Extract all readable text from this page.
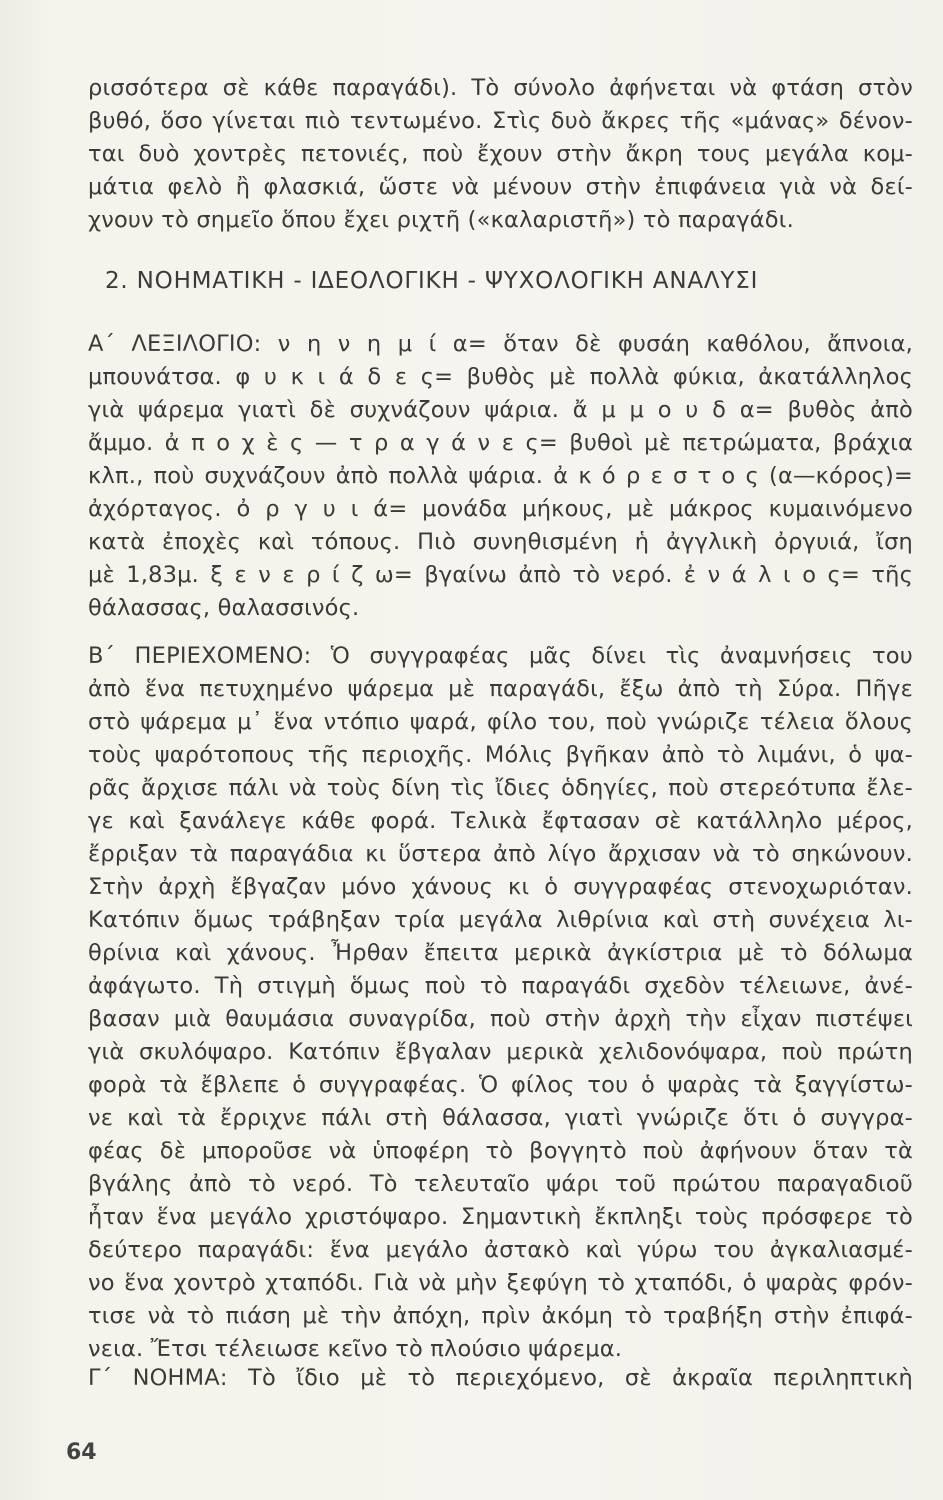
ρισσότερα σὲ κάθε παραγάδι). Τὸ σύνολο ἀφήνεται νὰ φτάση στὸν
βυθό, ὅσο γίνεται πιὸ τεντωμένο. Στὶς δυὸ ἄκρες τῆς «μάνας» δένον-
ται δυὸ χοντρὲς πετονιές, ποὺ ἔχουν στὴν ἄκρη τους μεγάλα κομ-
μάτια φελὸ ἢ φλασκιά, ὥστε νὰ μένουν στὴν ἐπιφάνεια γιὰ νὰ δεί-
χνουν τὸ σημεῖο ὅπου ἔχει ριχτῆ («καλαριστῆ») τὸ παραγάδι.
2. ΝΟΗΜΑΤΙΚΗ - ΙΔΕΟΛΟΓΙΚΗ - ΨΥΧΟΛΟΓΙΚΗ ΑΝΑΛΥΣΙ
Α΄ ΛΕΞΙΛΟΓΙΟ: ν η ν η μ ί α= ὅταν δὲ φυσάη καθόλου, ἄπνοια,
μπουνάτσα. φ υ κ ι ά δ ε ς= βυθὸς μὲ πολλὰ φύκια, ἀκατάλληλος
γιὰ ψάρεμα γιατὶ δὲ συχνάζουν ψάρια. ἄ μ μ ο υ δ α= βυθὸς ἀπὸ
ἄμμο. ἀ π ο χ ὲ ς — τ ρ α γ ά ν ε ς= βυθοὶ μὲ πετρώματα, βράχια
κλπ., ποὺ συχνάζουν ἀπὸ πολλὰ ψάρια. ἀ κ ό ρ ε σ τ ο ς (α—κόρος)=
ἀχόρταγος. ὀ ρ γ υ ι ά= μονάδα μήκους, μὲ μάκρος κυμαινόμενο
κατὰ ἐποχὲς καὶ τόπους. Πιὸ συνηθισμένη ἡ ἀγγλικὴ ὀργυιά, ἴση
μὲ 1,83μ. ξ ε ν ε ρ ί ζ ω= βγαίνω ἀπὸ τὸ νερό. ἐ ν ά λ ι ο ς= τῆς
θάλασσας, θαλασσινός.
Β΄ ΠΕΡΙΕΧΟΜΕΝΟ: Ὁ συγγραφέας μᾶς δίνει τὶς ἀναμνήσεις του
ἀπὸ ἕνα πετυχημένο ψάρεμα μὲ παραγάδι, ἔξω ἀπὸ τὴ Σύρα. Πῆγε
στὸ ψάρεμα μ᾽ ἕνα ντόπιο ψαρά, φίλο του, ποὺ γνώριζε τέλεια ὅλους
τοὺς ψαρότοπους τῆς περιοχῆς. Μόλις βγῆκαν ἀπὸ τὸ λιμάνι, ὁ ψα-
ρᾶς ἄρχισε πάλι νὰ τοὺς δίνη τὶς ἴδιες ὁδηγίες, ποὺ στερεότυπα ἔλε-
γε καὶ ξανάλεγε κάθε φορά. Τελικὰ ἔφτασαν σὲ κατάλληλο μέρος,
ἔρριξαν τὰ παραγάδια κι ὕστερα ἀπὸ λίγο ἄρχισαν νὰ τὸ σηκώνουν.
Στὴν ἀρχὴ ἔβγαζαν μόνο χάνους κι ὁ συγγραφέας στενοχωριόταν.
Κατόπιν ὅμως τράβηξαν τρία μεγάλα λιθρίνια καὶ στὴ συνέχεια λι-
θρίνια καὶ χάνους. Ἦρθαν ἔπειτα μερικὰ ἀγκίστρια μὲ τὸ δόλωμα
ἀφάγωτο. Τὴ στιγμὴ ὅμως ποὺ τὸ παραγάδι σχεδὸν τέλειωνε, ἀνέ-
βασαν μιὰ θαυμάσια συναγρίδα, ποὺ στὴν ἀρχὴ τὴν εἶχαν πιστέψει
γιὰ σκυλόψαρο. Κατόπιν ἔβγαλαν μερικὰ χελιδονόψαρα, ποὺ πρώτη
φορὰ τὰ ἔβλεπε ὁ συγγραφέας. Ὁ φίλος του ὁ ψαρὰς τὰ ξαγγίστω-
νε καὶ τὰ ἔρριχνε πάλι στὴ θάλασσα, γιατὶ γνώριζε ὅτι ὁ συγγρα-
φέας δὲ μποροῦσε νὰ ὑποφέρη τὸ βογγητὸ ποὺ ἀφήνουν ὅταν τὰ
βγάλης ἀπὸ τὸ νερό. Τὸ τελευταῖο ψάρι τοῦ πρώτου παραγαδιοῦ
ἦταν ἕνα μεγάλο χριστόψαρο. Σημαντικὴ ἔκπληξι τοὺς πρόσφερε τὸ
δεύτερο παραγάδι: ἕνα μεγάλο ἀστακὸ καὶ γύρω του ἀγκαλιασμέ-
νο ἕνα χοντρὸ χταπόδι. Γιὰ νὰ μὴν ξεφύγη τὸ χταπόδι, ὁ ψαρὰς φρόν-
τισε νὰ τὸ πιάση μὲ τὴν ἀπόχη, πρὶν ἀκόμη τὸ τραβήξη στὴν ἐπιφά-
νεια. Ἔτσι τέλειωσε κεῖνο τὸ πλούσιο ψάρεμα.
Γ΄ ΝΟΗΜΑ: Τὸ ἴδιο μὲ τὸ περιεχόμενο, σὲ ἀκραῖα περιληπτικὴ
64
